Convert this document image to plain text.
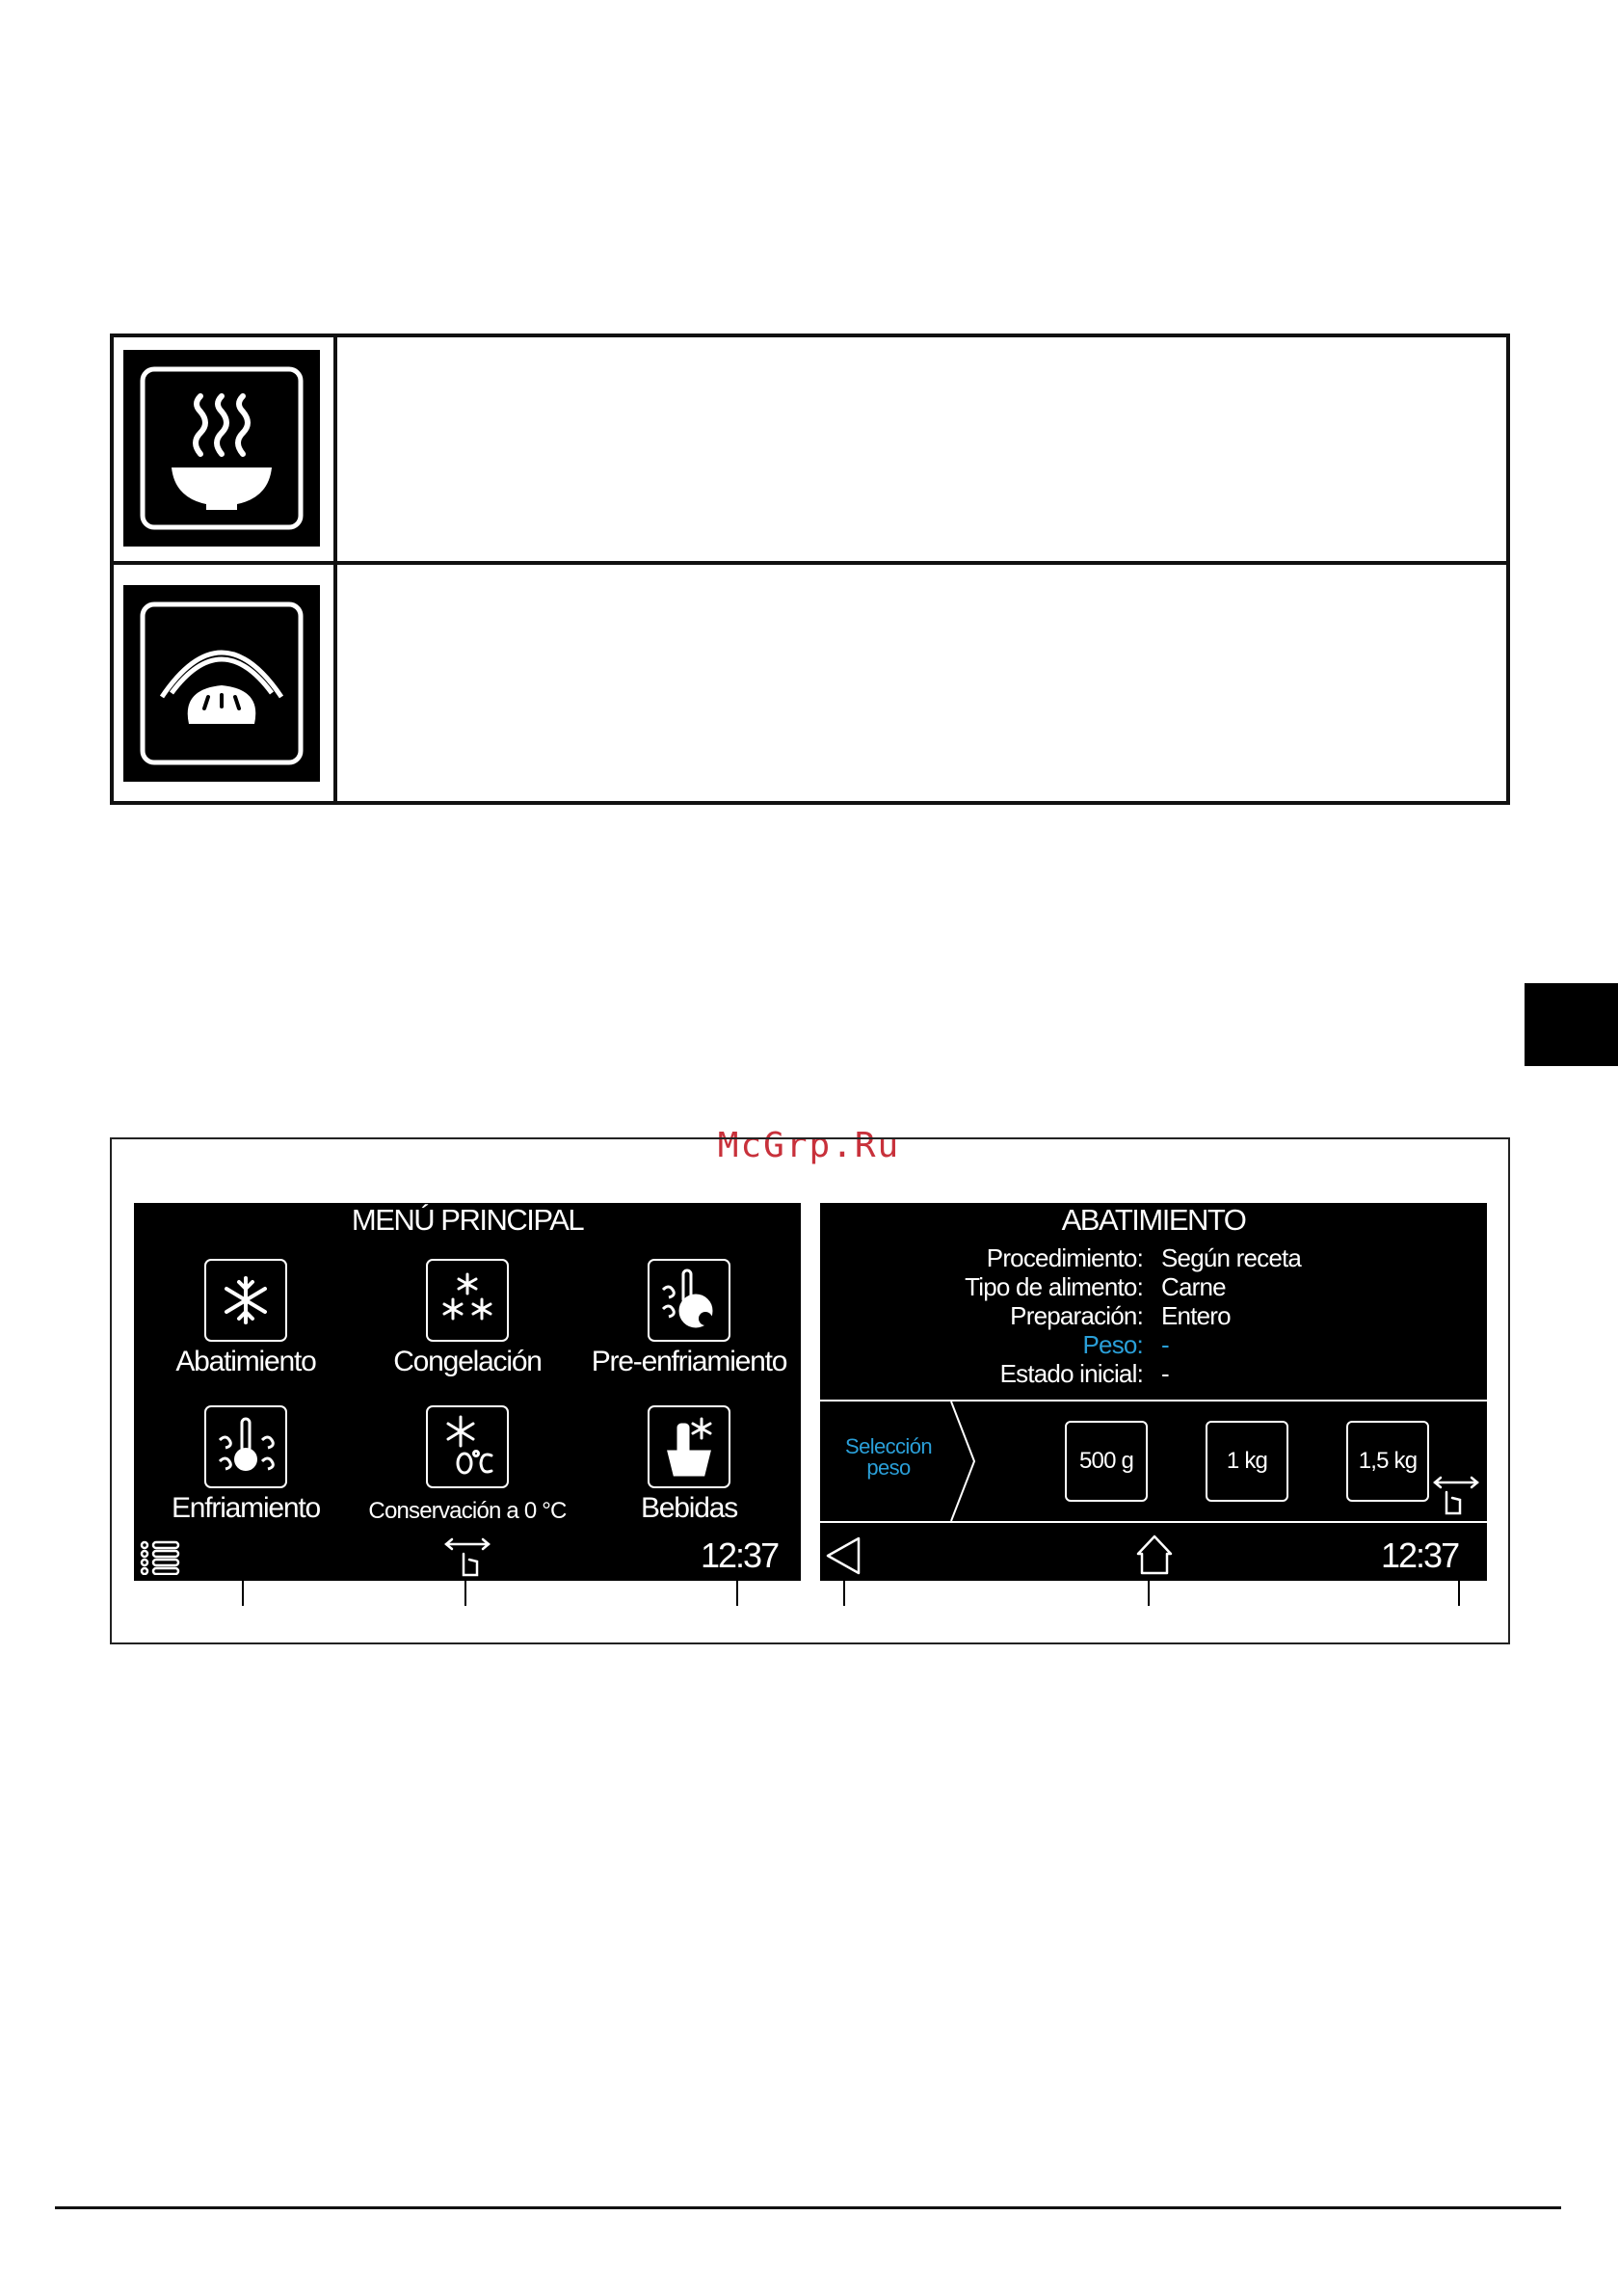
McGrp.Ru
MENÚ PRINCIPAL
Abatimiento	Congelación	Pre-enfriamiento
Enfriamiento	Conservación a 0 °C	Bebidas
12:37
ABATIMIENTO
Procedimiento: Según receta
Tipo de alimento: Carne
Preparación: Entero
Peso: -
Estado inicial: -
Selección
peso	500 g	1 kg	1,5 kg
12:37
